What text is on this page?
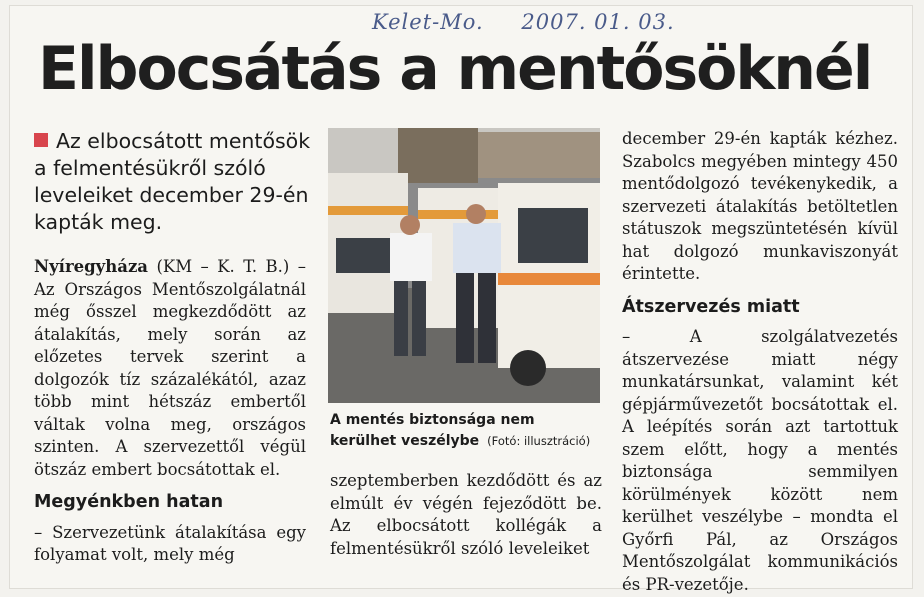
Kelet-Mo. 2007. 01. 03.
Elbocsátás a mentősöknél
Az elbocsátott mentősök a felmentésükről szóló leveleiket december 29-én kapták meg.

Nyíregyháza (KM – K. T. B.) – Az Országos Mentőszolgálatnál még ősszel megkezdődött az átalakítás, mely során az előzetes tervek szerint a dolgozók tíz százalékától, azaz több mint hétszáz embertől váltak volna meg, országos szinten. A szervezettől végül ötszáz embert bocsátottak el.

Megyénkben hatan

– Szervezetünk átalakítása egy folyamat volt, mely még

A mentés biztonsága nem kerülhet veszélybe (Fotó: illusztráció)

szeptemberben kezdődött és az elmúlt év végén fejeződött be. Az elbocsátott kollégák a felmentésükről szóló leveleiket

december 29-én kapták kézhez. Szabolcs megyében mintegy 450 mentődolgozó tevékenykedik, a szervezeti átalakítás betöltetlen státuszok megszüntetésén kívül hat dolgozó munkaviszonyát érintette.

Átszervezés miatt

– A szolgálatvezetés átszervezése miatt négy munkatársunkat, valamint két gépjárművezetőt bocsátottak el. A leépítés során azt tartottuk szem előtt, hogy a mentés biztonsága semmilyen körülmények között nem kerülhet veszélybe – mondta el Győrfi Pál, az Országos Mentőszolgálat kommunikációs és PR-vezetője.
